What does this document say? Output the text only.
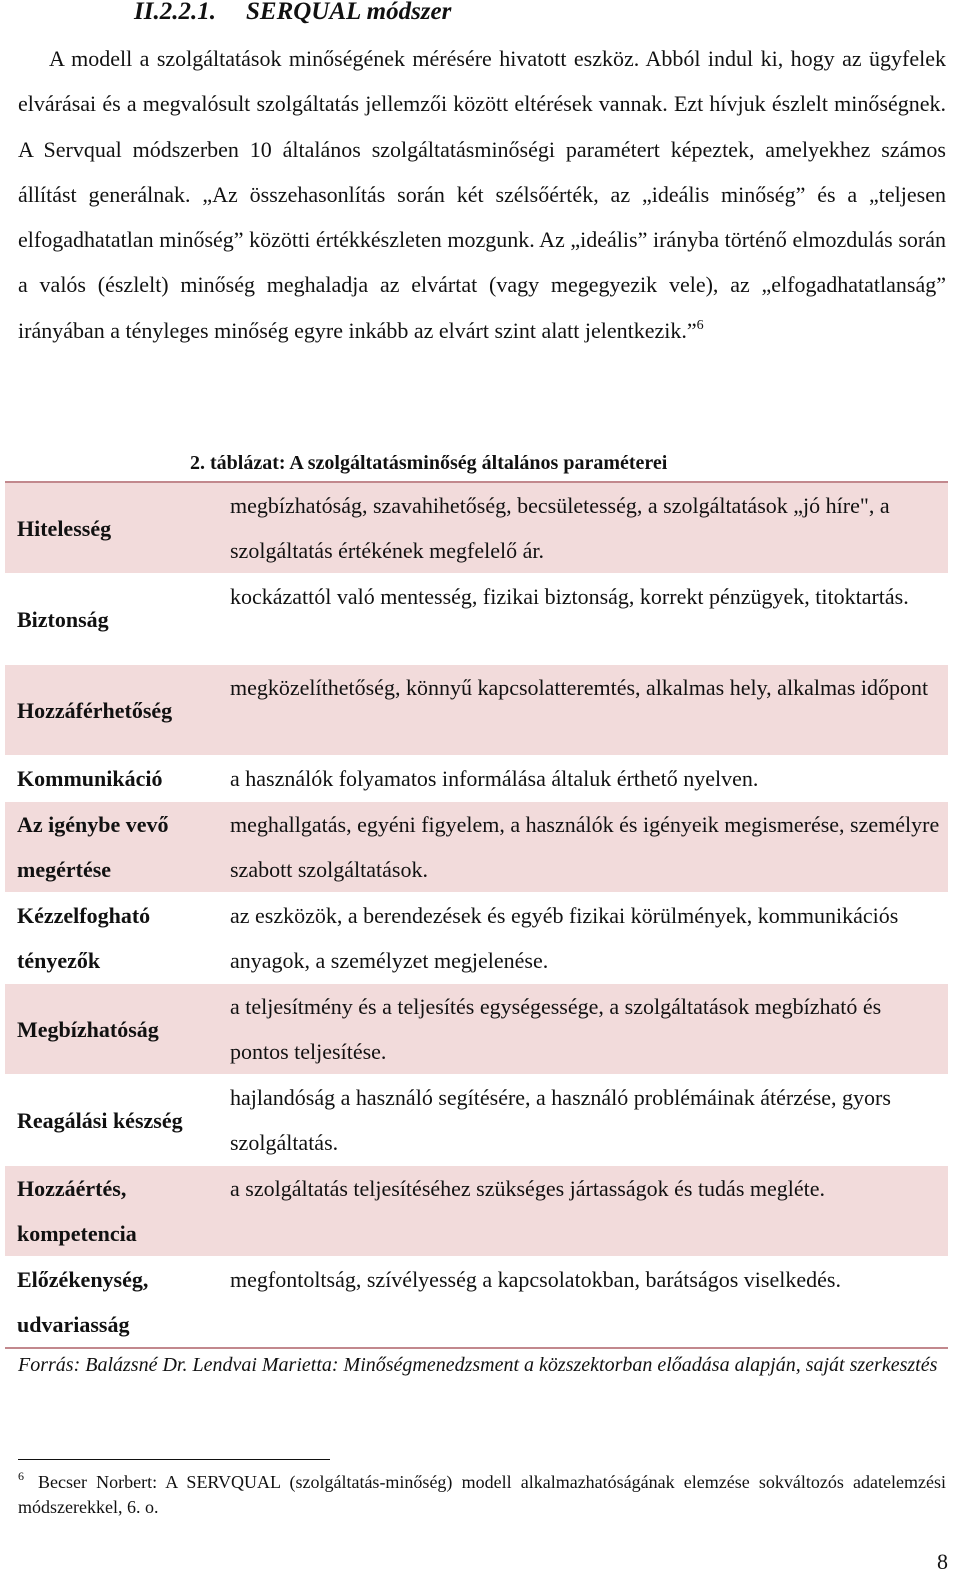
II.2.2.1. SERQUAL módszer

A modell a szolgáltatások minőségének mérésére hivatott eszköz. Abból indul ki, hogy az ügyfelek elvárásai és a megvalósult szolgáltatás jellemzői között eltérések vannak. Ezt hívjuk észlelt minőségnek. A Servqual módszerben 10 általános szolgáltatásminőségi paramétert képeztek, amelyekhez számos állítást generálnak. „Az összehasonlítás során két szélsőérték, az „ideális minőség” és a „teljesen elfogadhatatlan minőség” közötti értékkészleten mozgunk. Az „ideális” irányba történő elmozdulás során a valós (észlelt) minőség meghaladja az elvártat (vagy megegyezik vele), az „elfogadhatatlanság” irányában a tényleges minőség egyre inkább az elvárt szint alatt jelentkezik.”$^6$

2. táblázat: A szolgáltatásminőség általános paraméterei

Hitelesség
megbízhatóság, szavahihetőség, becsületesség, a szolgáltatások „jó híre", a szolgáltatás értékének megfelelő ár.
Biztonság
kockázattól való mentesség, fizikai biztonság, korrekt pénzügyek, titoktartás.
Hozzáférhetőség
megközelíthetőség, könnyű kapcsolatteremtés, alkalmas hely, alkalmas időpont
Kommunikáció	a használók folyamatos informálása általuk érthető nyelven.
Az igénybe vevő megértése
meghallgatás, egyéni figyelem, a használók és igényeik megismerése, személyre szabott szolgáltatások.
Kézzelfogható tényezők
az eszközök, a berendezések és egyéb fizikai körülmények, kommunikációs anyagok, a személyzet megjelenése.
Megbízhatóság
a teljesítmény és a teljesítés egységessége, a szolgáltatások megbízható és pontos teljesítése.
Reagálási készség
hajlandóság a használó segítésére, a használó problémáinak átérzése, gyors szolgáltatás.
Hozzáértés, kompetencia
a szolgáltatás teljesítéséhez szükséges jártasságok és tudás megléte.
Előzékenység, udvariasság
megfontoltság, szívélyesség a kapcsolatokban, barátságos viselkedés.

Forrás: Balázsné Dr. Lendvai Marietta: Minőségmenedzsment a közszektorban előadása alapján, saját szerkesztés

$^6$ Becser Norbert: A SERVQUAL (szolgáltatás-minőség) modell alkalmazhatóságának elemzése sokváltozós adatelemzési módszerekkel, 6. o.

8
